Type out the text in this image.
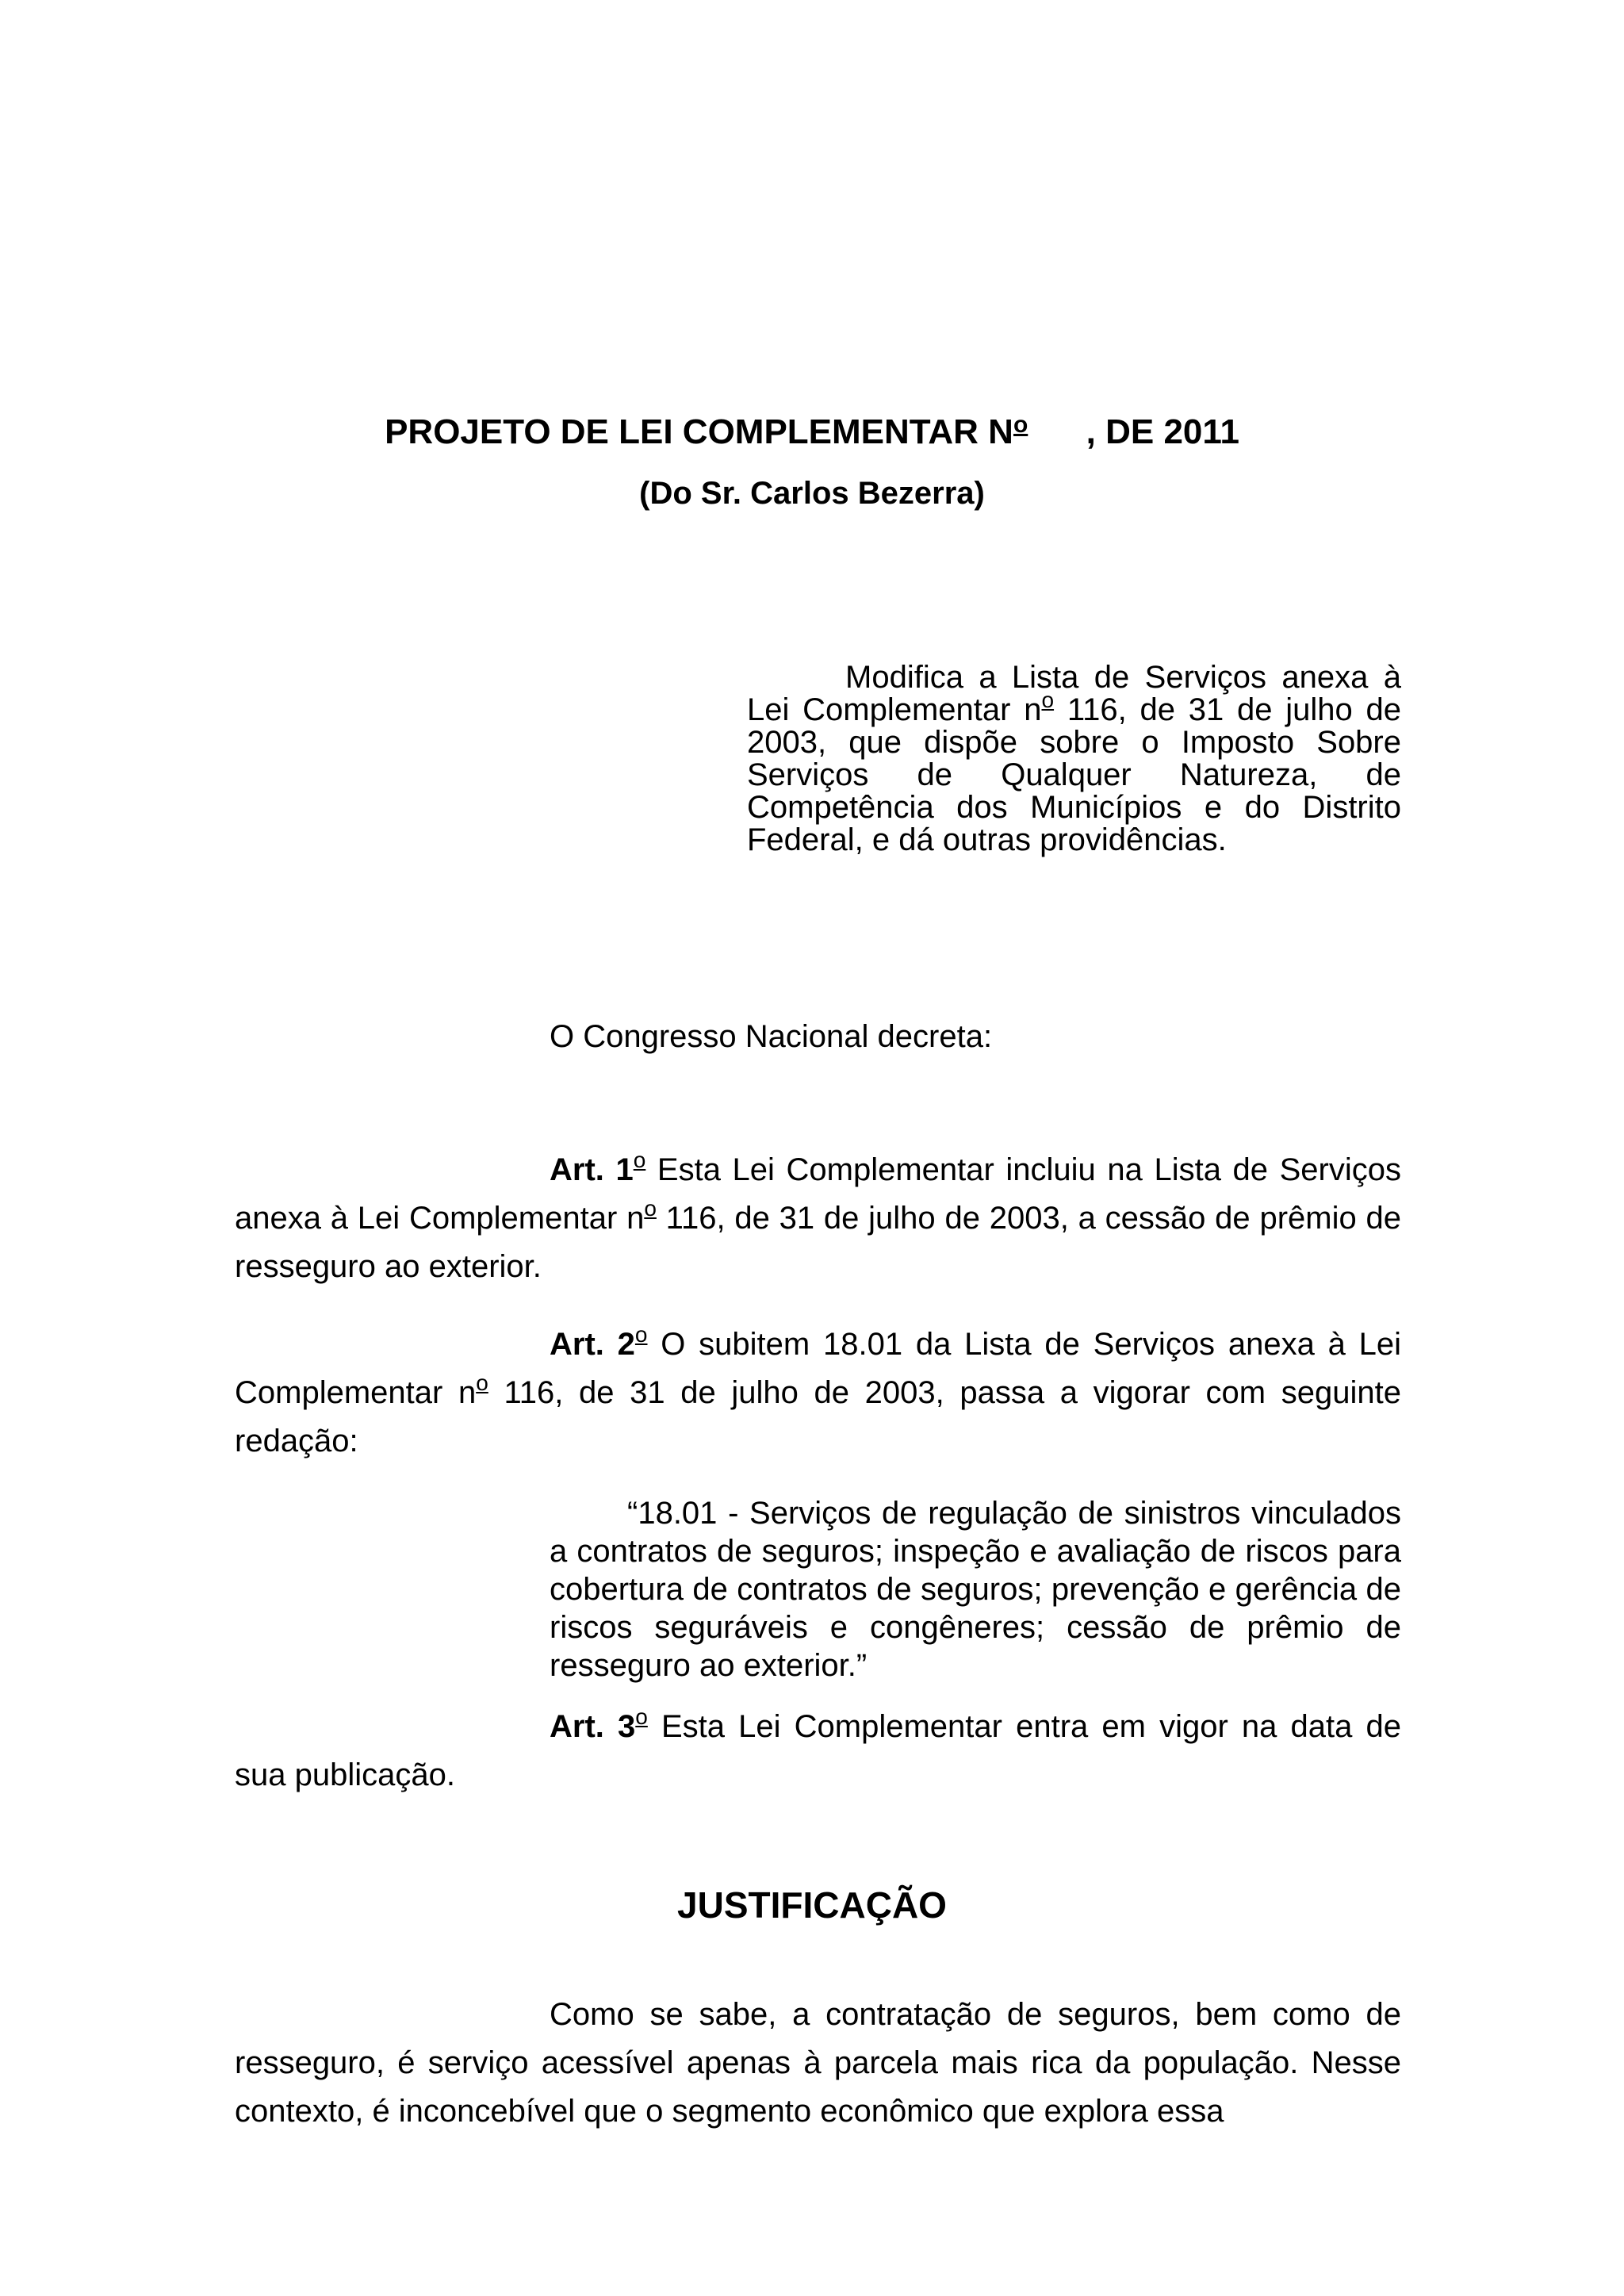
PROJETO DE LEI COMPLEMENTAR $N^o$ , DE 2011
(Do Sr. Carlos Bezerra)
Modifica a Lista de Serviços anexa à Lei Complementar $n^o$ 116, de 31 de julho de 2003, que dispõe sobre o Imposto Sobre Serviços de Qualquer Natureza, de Competência dos Municípios e do Distrito Federal, e dá outras providências.
O Congresso Nacional decreta:
Art. 1$^o$ Esta Lei Complementar incluiu na Lista de Serviços anexa à Lei Complementar $n^o$ 116, de 31 de julho de 2003, a cessão de prêmio de resseguro ao exterior.
Art. 2$^o$ O subitem 18.01 da Lista de Serviços anexa à Lei Complementar $n^o$ 116, de 31 de julho de 2003, passa a vigorar com seguinte redação:
“18.01 - Serviços de regulação de sinistros vinculados a contratos de seguros; inspeção e avaliação de riscos para cobertura de contratos de seguros; prevenção e gerência de riscos seguráveis e congêneres; cessão de prêmio de resseguro ao exterior.”
Art. 3$^o$ Esta Lei Complementar entra em vigor na data de sua publicação.
JUSTIFICAÇÃO
Como se sabe, a contratação de seguros, bem como de resseguro, é serviço acessível apenas à parcela mais rica da população. Nesse contexto, é inconcebível que o segmento econômico que explora essa
